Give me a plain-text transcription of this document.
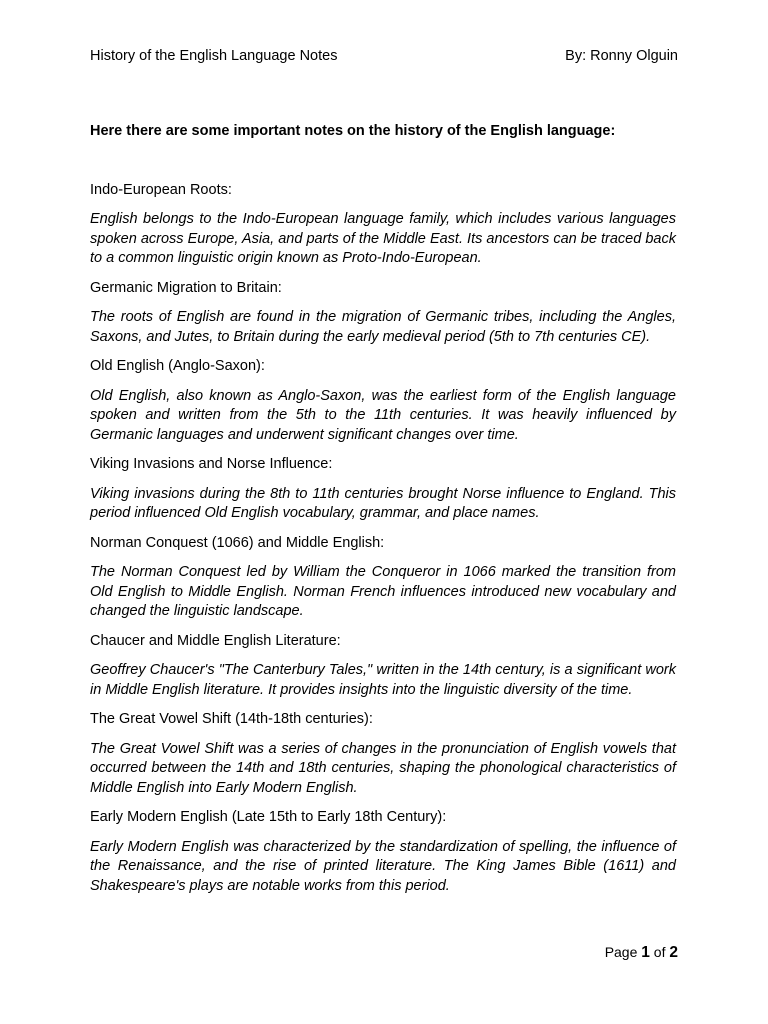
History of the English Language Notes	By: Ronny Olguin

Here there are some important notes on the history of the English language:

Indo-European Roots:

English belongs to the Indo-European language family, which includes various languages spoken across Europe, Asia, and parts of the Middle East. Its ancestors can be traced back to a common linguistic origin known as Proto-Indo-European.

Germanic Migration to Britain:

The roots of English are found in the migration of Germanic tribes, including the Angles, Saxons, and Jutes, to Britain during the early medieval period (5th to 7th centuries CE).

Old English (Anglo-Saxon):

Old English, also known as Anglo-Saxon, was the earliest form of the English language spoken and written from the 5th to the 11th centuries. It was heavily influenced by Germanic languages and underwent significant changes over time.

Viking Invasions and Norse Influence:

Viking invasions during the 8th to 11th centuries brought Norse influence to England. This period influenced Old English vocabulary, grammar, and place names.

Norman Conquest (1066) and Middle English:

The Norman Conquest led by William the Conqueror in 1066 marked the transition from Old English to Middle English. Norman French influences introduced new vocabulary and changed the linguistic landscape.

Chaucer and Middle English Literature:

Geoffrey Chaucer's "The Canterbury Tales," written in the 14th century, is a significant work in Middle English literature. It provides insights into the linguistic diversity of the time.

The Great Vowel Shift (14th-18th centuries):

The Great Vowel Shift was a series of changes in the pronunciation of English vowels that occurred between the 14th and 18th centuries, shaping the phonological characteristics of Middle English into Early Modern English.

Early Modern English (Late 15th to Early 18th Century):

Early Modern English was characterized by the standardization of spelling, the influence of the Renaissance, and the rise of printed literature. The King James Bible (1611) and Shakespeare's plays are notable works from this period.

Page 1 of 2
